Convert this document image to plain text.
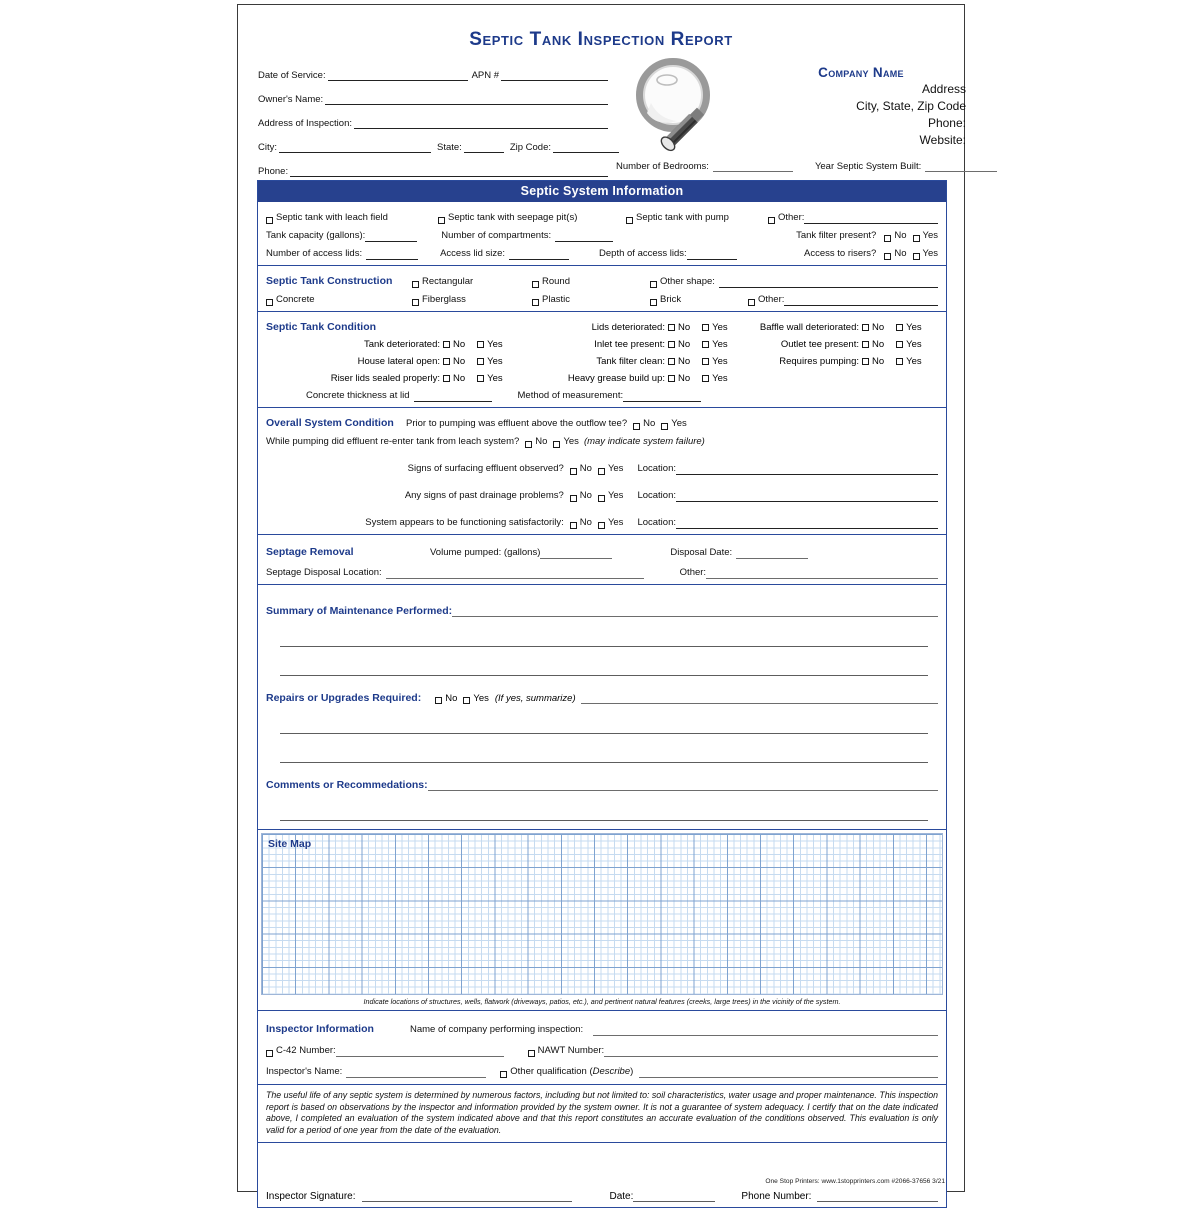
Septic Tank Inspection Report
Date of Service:	APN #
Owner's Name:
Address of Inspection:
City:	State:	Zip Code:
Phone:
Company Name
Address
City, State, Zip Code
Phone:
Website:
Number of Bedrooms:	Year Septic System Built:
Septic System Information
Septic tank with leach field	Septic tank with seepage pit(s)	Septic tank with pump	Other:
Tank capacity (gallons):	Number of compartments:	Tank filter present? No Yes
Number of access lids:	Access lid size:	Depth of access lids:	Access to risers? No Yes
Septic Tank Construction	Rectangular	Round	Other shape:
Concrete	Fiberglass	Plastic	Brick	Other:
Septic Tank Condition
Tank deteriorated:	No Yes
House lateral open:	No Yes
Riser lids sealed properly:	No Yes
Lids deteriorated:	No Yes
Inlet tee present:	No Yes
Tank filter clean:	No Yes
Heavy grease build up:	No Yes
Baffle wall deteriorated:	No Yes
Outlet tee present:	No Yes
Requires pumping:	No Yes
Concrete thickness at lid	Method of measurement:
Overall System Condition	Prior to pumping was effluent above the outflow tee? No Yes
While pumping did effluent re-enter tank from leach system? No Yes (may indicate system failure)
Signs of surfacing effluent observed? No Yes	Location:
Any signs of past drainage problems? No Yes	Location:
System appears to be functioning satisfactorily: No Yes	Location:
Septage Removal	Volume pumped: (gallons)	Disposal Date:
Septage Disposal Location:	Other:
Summary of Maintenance Performed:
Repairs or Upgrades Required:	No Yes (If yes, summarize)
Comments or Recommedations:
Site Map
Indicate locations of structures, wells, flatwork (driveways, patios, etc.), and pertinent natural features (creeks, large trees) in the vicinity of the system.
Inspector Information	Name of company performing inspection:
C-42 Number:	NAWT Number:
Inspector's Name:	Other qualification ( Describe )
The useful life of any septic system is determined by numerous factors, including but not limited to: soil characteristics, water usage and proper maintenance. This inspection report is based on observations by the inspector and information provided by the system owner. It is not a guarantee of system adequacy. I certify that on the date indicated above, I completed an evaluation of the system indicated above and that this report constitutes an accurate evaluation of the conditions observed. This evaluation is only valid for a period of one year from the date of the evaluation.
Inspector Signature:	Date:	Phone Number:
One Stop Printers: www.1stopprinters.com #2066-37656 3/21
